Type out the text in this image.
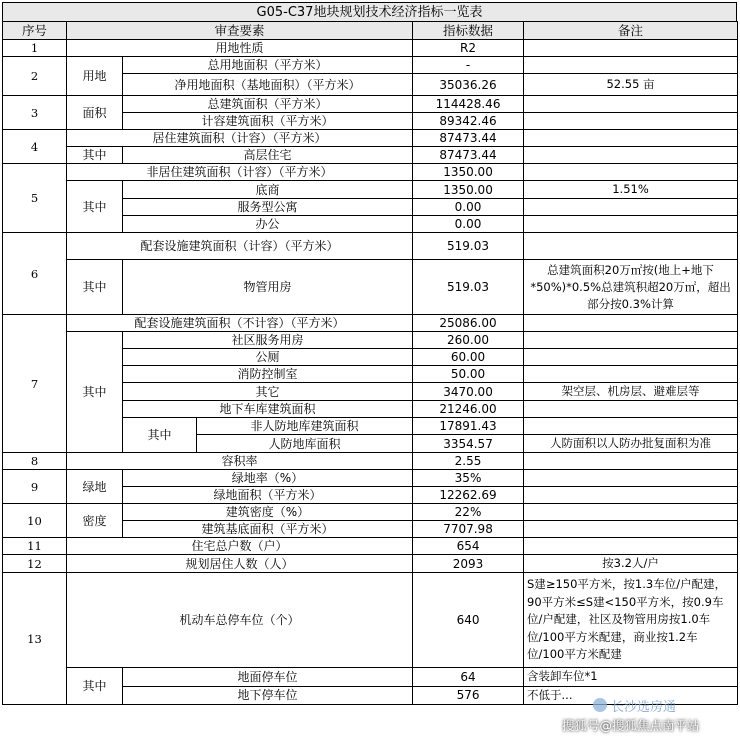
G05-C37地块规划技术经济指标一览表
序号	审查要素			指标数据	备注
1	用地性质			R2	
2	用地	总用地面积（平方米）		-	
		净用地面积（基地面积）（平方米）		35036.26	52.55 亩
3	面积	总建筑面积（平方米）		114428.46	
		计容建筑面积（平方米）		89342.46	
4	居住建筑面积（计容）（平方米）			87473.44	
	其中	高层住宅		87473.44	
5	非居住建筑面积（计容）（平方米）			1350.00	
	其中	底商		1350.00	1.51%
		服务型公寓		0.00	
		办公		0.00	
6	配套设施建筑面积（计容）（平方米）			519.03	
	其中	物管用房		519.03	总建筑面积20万㎡按(地上+地下*50%)*0.5%总建筑积超20万㎡，超出部分按0.3%计算
7	配套设施建筑面积（不计容）（平方米）			25086.00	
	其中	社区服务用房		260.00	
		公厕		60.00	
		消防控制室		50.00	
		其它		3470.00	架空层、机房层、避难层等
		地下车库建筑面积		21246.00	
		其中	非人防地库建筑面积	17891.43	
			人防地库面积	3354.57	人防面积以人防办批复面积为准
8	容积率			2.55	
9	绿地	绿地率（%）		35%	
		绿地面积（平方米）		12262.69	
10	密度	建筑密度（%）		22%	
		建筑基底面积（平方米）		7707.98	
11	住宅总户数（户）			654	
12	规划居住人数（人）			2093	按3.2人/户
13	机动车总停车位（个）			640	S建≥150平方米，按1.3车位/户配建，90平方米≤S建<150平方米，按0.9车位/户配建，社区及物管用房按1.0车位/100平方米配建，商业按1.2车位/100平方米配建
	其中	地面停车位		64	含装卸车位*1
		地下停车位		576	不低于...
长沙选房通
搜狐号@搜狐焦点南平站
